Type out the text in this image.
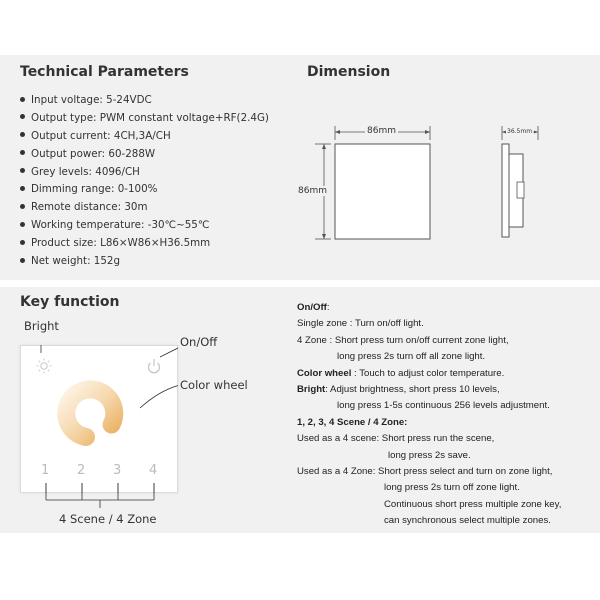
Technical Parameters
Input voltage: 5-24VDC
Output type: PWM constant voltage+RF(2.4G)
Output current: 4CH,3A/CH
Output power: 60-288W
Grey levels: 4096/CH
Dimming range: 0-100%
Remote distance: 30m
Working temperature: -30℃~55℃
Product size: L86×W86×H36.5mm
Net weight: 152g
Dimension
86mm
86mm
36.5mm
Key function
1 2 3 4
Bright
On/Off
Color wheel
4 Scene / 4 Zone
On/Off:
Single zone : Turn on/off light.
4 Zone : Short press turn on/off current zone light,
long press 2s turn off all zone light.
Color wheel : Touch to adjust color temperature.
Bright: Adjust brightness, short press 10 levels,
long press 1-5s continuous 256 levels adjustment.
1, 2, 3, 4 Scene / 4 Zone:
Used as a 4 scene: Short press run the scene,
long press 2s save.
Used as a 4 Zone: Short press select and turn on zone light,
long press 2s turn off zone light.
Continuous short press multiple zone key,
can synchronous select multiple zones.
